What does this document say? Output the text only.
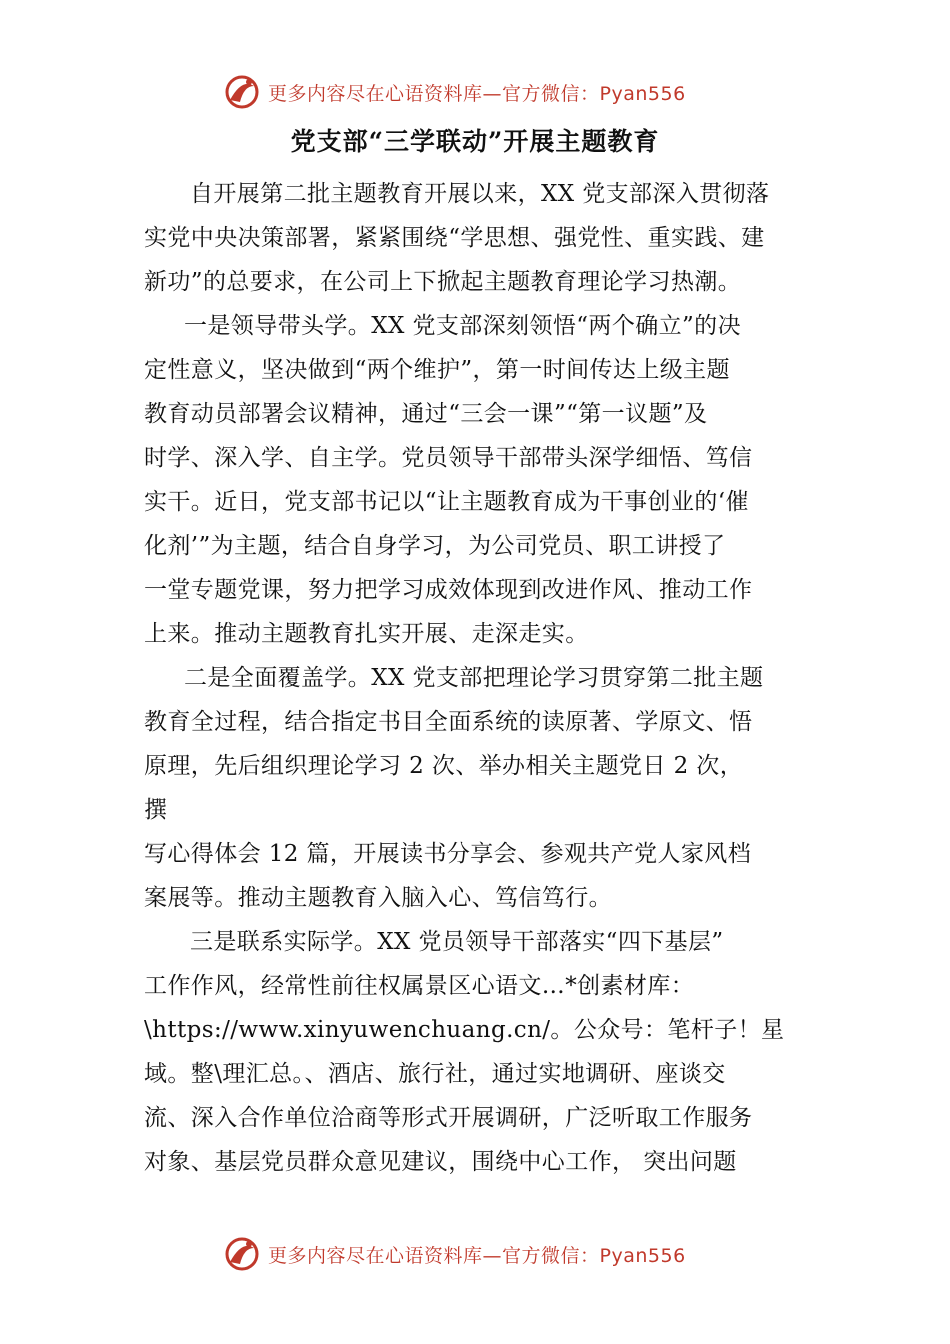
更多内容尽在心语资料库—官方微信：Pyan556
党支部“三学联动”开展主题教育
自开展第二批主题教育开展以来，XX 党支部深入贯彻落
实党中央决策部署，紧紧围绕“学思想、强党性、重实践、建
新功”的总要求，在公司上下掀起主题教育理论学习热潮。
一是领导带头学。XX 党支部深刻领悟“两个确立”的决
定性意义，坚决做到“两个维护”，第一时间传达上级主题
教育动员部署会议精神，通过“三会一课”“第一议题”及
时学、深入学、自主学。党员领导干部带头深学细悟、笃信
实干。近日，党支部书记以“让主题教育成为干事创业的‘催
化剂’”为主题，结合自身学习，为公司党员、职工讲授了
一堂专题党课，努力把学习成效体现到改进作风、推动工作
上来。推动主题教育扎实开展、走深走实。
二是全面覆盖学。XX 党支部把理论学习贯穿第二批主题
教育全过程，结合指定书目全面系统的读原著、学原文、悟
原理，先后组织理论学习 2 次、举办相关主题党日 2 次，
撰
写心得体会 12 篇，开展读书分享会、参观共产党人家风档
案展等。推动主题教育入脑入心、笃信笃行。
三是联系实际学。XX 党员领导干部落实“四下基层”
工作作风，经常性前往权属景区心语文…*创素材库：
\https://www.xinyuwenchuang.cn/。公众号：笔杆子！星
域。整\理汇总。、酒店、旅行社，通过实地调研、座谈交
流、深入合作单位洽商等形式开展调研，广泛听取工作服务
对象、基层党员群众意见建议，围绕中心工作， 突出问题
更多内容尽在心语资料库—官方微信：Pyan556
